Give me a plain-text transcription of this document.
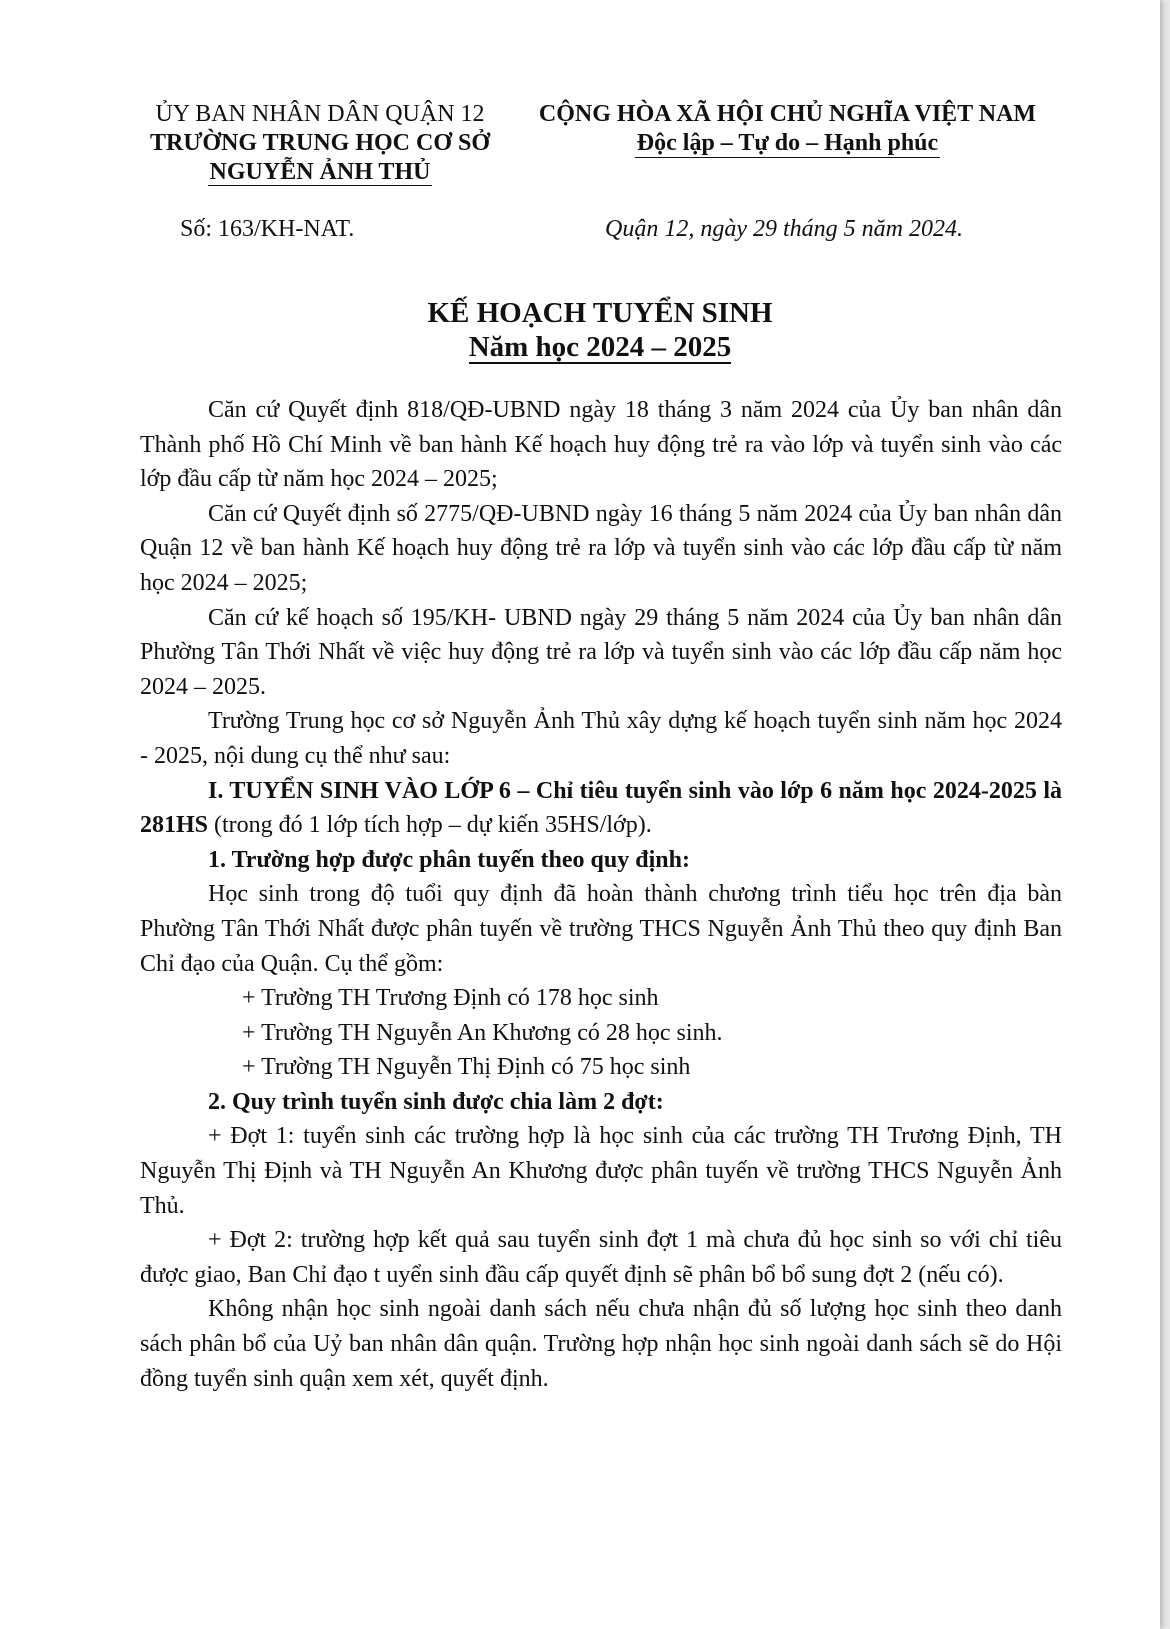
ỦY BAN NHÂN DÂN QUẬN 12
TRƯỜNG TRUNG HỌC CƠ SỞ
NGUYỄN ẢNH THỦ
CỘNG HÒA XÃ HỘI CHỦ NGHĨA VIỆT NAM
Độc lập – Tự do – Hạnh phúc
Số: 163/KH-NAT.	Quận 12, ngày 29 tháng 5 năm 2024.
KẾ HOẠCH TUYỂN SINH
Năm học 2024 – 2025

Căn cứ Quyết định 818/QĐ-UBND ngày 18 tháng 3 năm 2024 của Ủy ban nhân dân Thành phố Hồ Chí Minh về ban hành Kế hoạch huy động trẻ ra vào lớp và tuyển sinh vào các lớp đầu cấp từ năm học 2024 – 2025;

Căn cứ Quyết định số 2775/QĐ-UBND ngày 16 tháng 5 năm 2024 của Ủy ban nhân dân Quận 12 về ban hành Kế hoạch huy động trẻ ra lớp và tuyển sinh vào các lớp đầu cấp từ năm học 2024 – 2025;

Căn cứ kế hoạch số 195/KH- UBND ngày 29 tháng 5 năm 2024 của Ủy ban nhân dân Phường Tân Thới Nhất về việc huy động trẻ ra lớp và tuyển sinh vào các lớp đầu cấp năm học 2024 – 2025.

Trường Trung học cơ sở Nguyễn Ảnh Thủ xây dựng kế hoạch tuyển sinh năm học 2024 - 2025, nội dung cụ thể như sau:

I. TUYỂN SINH VÀO LỚP 6 – Chỉ tiêu tuyển sinh vào lớp 6 năm học 2024-2025 là 281HS (trong đó 1 lớp tích hợp – dự kiến 35HS/lớp).

1. Trường hợp được phân tuyến theo quy định:

Học sinh trong độ tuổi quy định đã hoàn thành chương trình tiểu học trên địa bàn Phường Tân Thới Nhất được phân tuyến về trường THCS Nguyễn Ảnh Thủ theo quy định Ban Chỉ đạo của Quận. Cụ thể gồm:

+ Trường TH Trương Định có 178 học sinh

+ Trường TH Nguyễn An Khương có 28 học sinh.

+ Trường TH Nguyễn Thị Định có 75 học sinh

2. Quy trình tuyển sinh được chia làm 2 đợt:

+ Đợt 1: tuyển sinh các trường hợp là học sinh của các trường TH Trương Định, TH Nguyễn Thị Định và TH Nguyễn An Khương được phân tuyến về trường THCS Nguyễn Ảnh Thủ.

+ Đợt 2: trường hợp kết quả sau tuyển sinh đợt 1 mà chưa đủ học sinh so với chỉ tiêu được giao, Ban Chỉ đạo t uyển sinh đầu cấp quyết định sẽ phân bổ bổ sung đợt 2 (nếu có).

Không nhận học sinh ngoài danh sách nếu chưa nhận đủ số lượng học sinh theo danh sách phân bổ của Uỷ ban nhân dân quận. Trường hợp nhận học sinh ngoài danh sách sẽ do Hội đồng tuyển sinh quận xem xét, quyết định.
